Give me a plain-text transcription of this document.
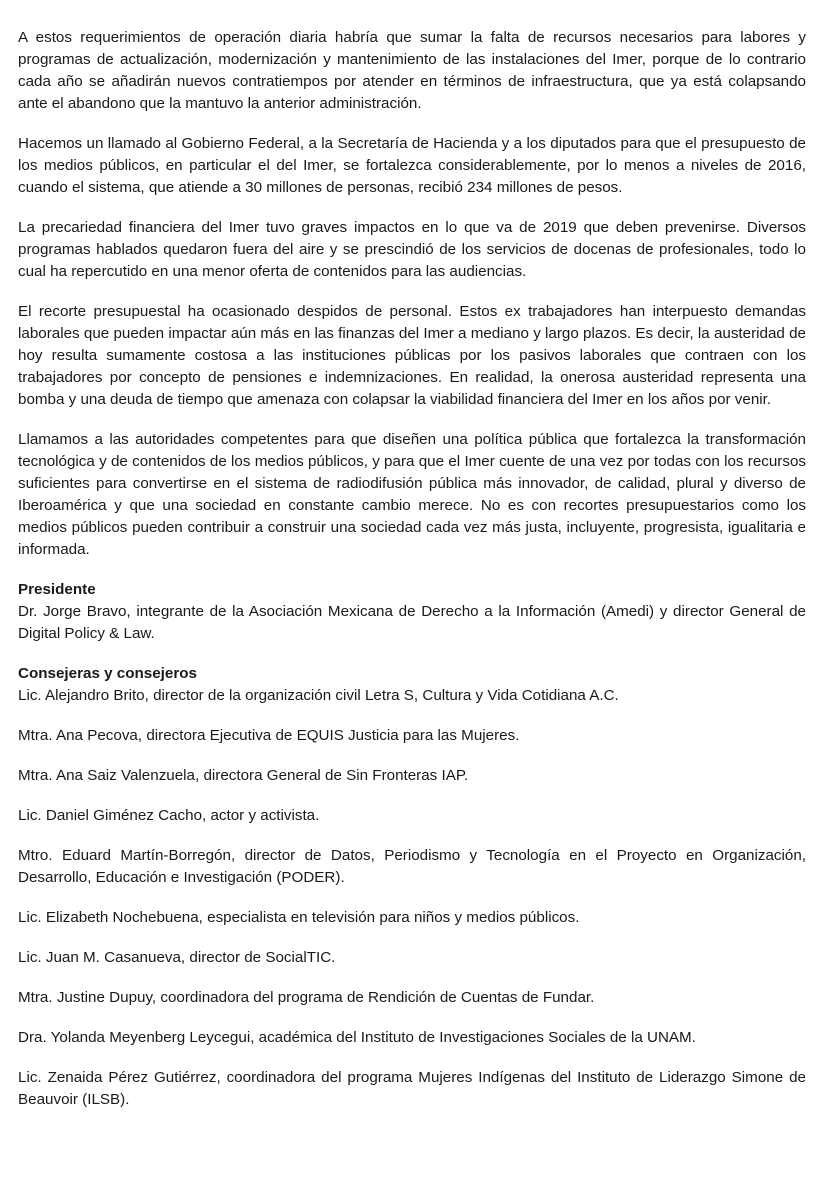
A estos requerimientos de operación diaria habría que sumar la falta de recursos necesarios para labores y programas de actualización, modernización y mantenimiento de las instalaciones del Imer, porque de lo contrario cada año se añadirán nuevos contratiempos por atender en términos de infraestructura, que ya está colapsando ante el abandono que la mantuvo la anterior administración.

Hacemos un llamado al Gobierno Federal, a la Secretaría de Hacienda y a los diputados para que el presupuesto de los medios públicos, en particular el del Imer, se fortalezca considerablemente, por lo menos a niveles de 2016, cuando el sistema, que atiende a 30 millones de personas, recibió 234 millones de pesos.

La precariedad financiera del Imer tuvo graves impactos en lo que va de 2019 que deben prevenirse. Diversos programas hablados quedaron fuera del aire y se prescindió de los servicios de docenas de profesionales, todo lo cual ha repercutido en una menor oferta de contenidos para las audiencias.

El recorte presupuestal ha ocasionado despidos de personal. Estos ex trabajadores han interpuesto demandas laborales que pueden impactar aún más en las finanzas del Imer a mediano y largo plazos. Es decir, la austeridad de hoy resulta sumamente costosa a las instituciones públicas por los pasivos laborales que contraen con los trabajadores por concepto de pensiones e indemnizaciones. En realidad, la onerosa austeridad representa una bomba y una deuda de tiempo que amenaza con colapsar la viabilidad financiera del Imer en los años por venir.

Llamamos a las autoridades competentes para que diseñen una política pública que fortalezca la transformación tecnológica y de contenidos de los medios públicos, y para que el Imer cuente de una vez por todas con los recursos suficientes para convertirse en el sistema de radiodifusión pública más innovador, de calidad, plural y diverso de Iberoamérica y que una sociedad en constante cambio merece. No es con recortes presupuestarios como los medios públicos pueden contribuir a construir una sociedad cada vez más justa, incluyente, progresista, igualitaria e informada.

Presidente

Dr. Jorge Bravo, integrante de la Asociación Mexicana de Derecho a la Información (Amedi) y director General de Digital Policy & Law.

Consejeras y consejeros

Lic. Alejandro Brito, director de la organización civil Letra S, Cultura y Vida Cotidiana A.C.

Mtra. Ana Pecova, directora Ejecutiva de EQUIS Justicia para las Mujeres.

Mtra. Ana Saiz Valenzuela, directora General de Sin Fronteras IAP.

Lic. Daniel Giménez Cacho, actor y activista.

Mtro. Eduard Martín-Borregón, director de Datos, Periodismo y Tecnología en el Proyecto en Organización, Desarrollo, Educación e Investigación (PODER).

Lic. Elizabeth Nochebuena, especialista en televisión para niños y medios públicos.

Lic. Juan M. Casanueva, director de SocialTIC.

Mtra. Justine Dupuy, coordinadora del programa de Rendición de Cuentas de Fundar.

Dra. Yolanda Meyenberg Leycegui, académica del Instituto de Investigaciones Sociales de la UNAM.

Lic. Zenaida Pérez Gutiérrez, coordinadora del programa Mujeres Indígenas del Instituto de Liderazgo Simone de Beauvoir (ILSB).
